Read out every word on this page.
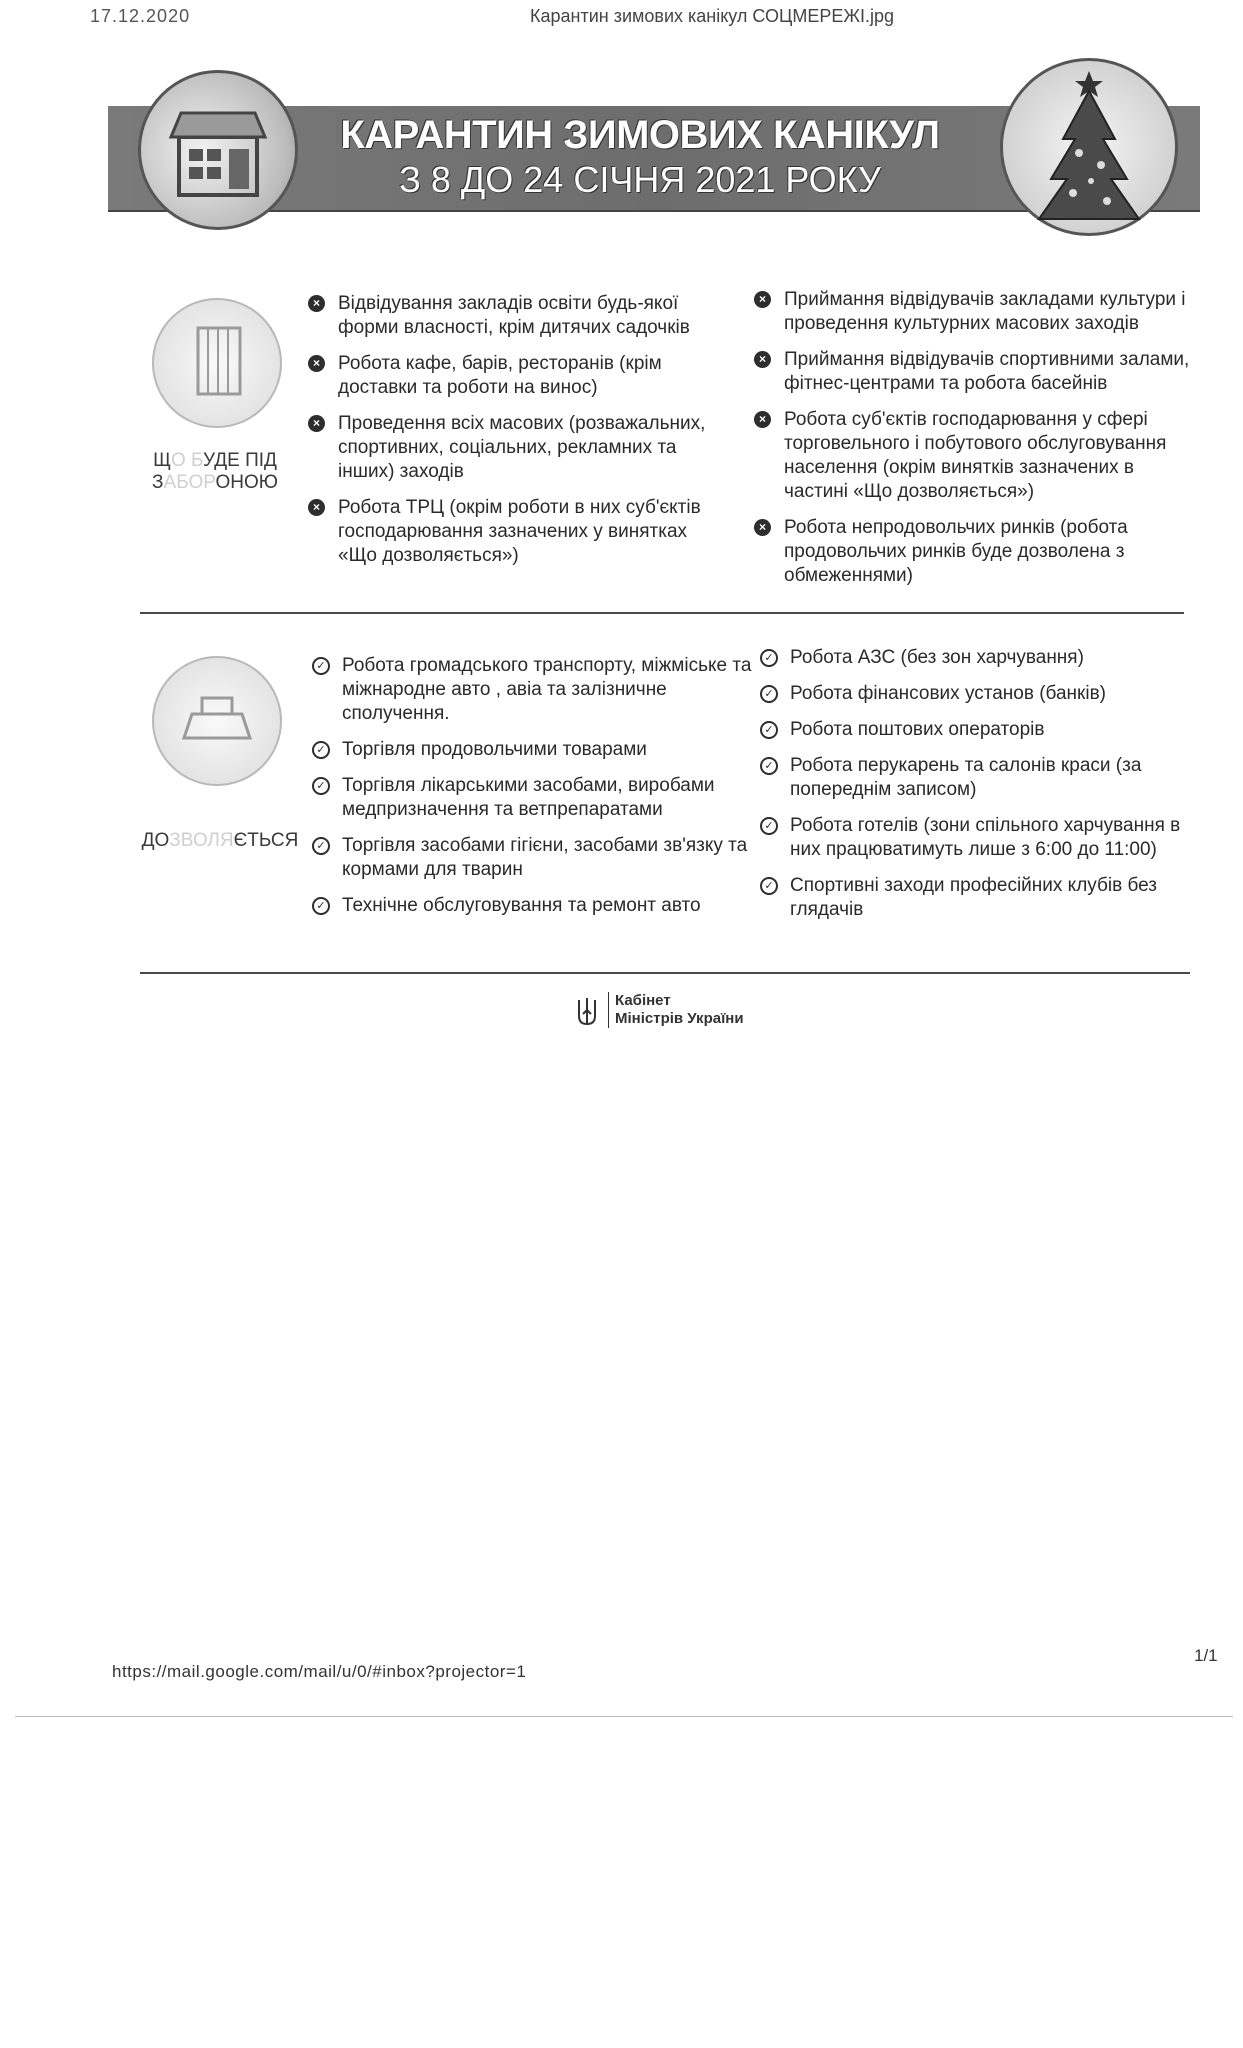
17.12.2020	Карантин зимових канікул СОЦМЕРЕЖІ.jpg
КАРАНТИН ЗИМОВИХ КАНІКУЛ
З 8 ДО 24 СІЧНЯ 2021 РОКУ
ЩО БУДЕ ПІД
ЗАБОРОНОЮ
× Відвідування закладів освіти будь-якої форми власності, крім дитячих садочків
× Робота кафе, барів, ресторанів (крім доставки та роботи на винос)
× Проведення всіх масових (розважальних, спортивних, соціальних, рекламних та інших) заходів
× Робота ТРЦ (окрім роботи в них суб'єктів господарювання зазначених у винятках «Що дозволяється»)
× Приймання відвідувачів закладами культури і проведення культурних масових заходів
× Приймання відвідувачів спортивними залами, фітнес-центрами та робота басейнів
× Робота суб'єктів господарювання у сфері торговельного і побутового обслуговування населення (окрім винятків зазначених в частині «Що дозволяється»)
× Робота непродовольчих ринків (робота продовольчих ринків буде дозволена з обмеженнями)
ДОЗВОЛЯЄТЬСЯ
✓ Робота громадського транспорту, міжміське та міжнародне авто , авіа та залізничне сполучення.
✓ Торгівля продовольчими товарами
✓ Торгівля лікарськими засобами, виробами медпризначення та ветпрепаратами
✓ Торгівля засобами гігієни, засобами зв'язку та кормами для тварин
✓ Технічне обслуговування та ремонт авто
✓ Робота АЗС (без зон харчування)
✓ Робота фінансових установ (банків)
✓ Робота поштових операторів
✓ Робота перукарень та салонів краси (за попереднім записом)
✓ Робота готелів (зони спільного харчування в них працюватимуть лише з 6:00 до 11:00)
✓ Спортивні заходи професійних клубів без глядачів
Кабінет
Міністрів України
https://mail.google.com/mail/u/0/#inbox?projector=1
1/1
